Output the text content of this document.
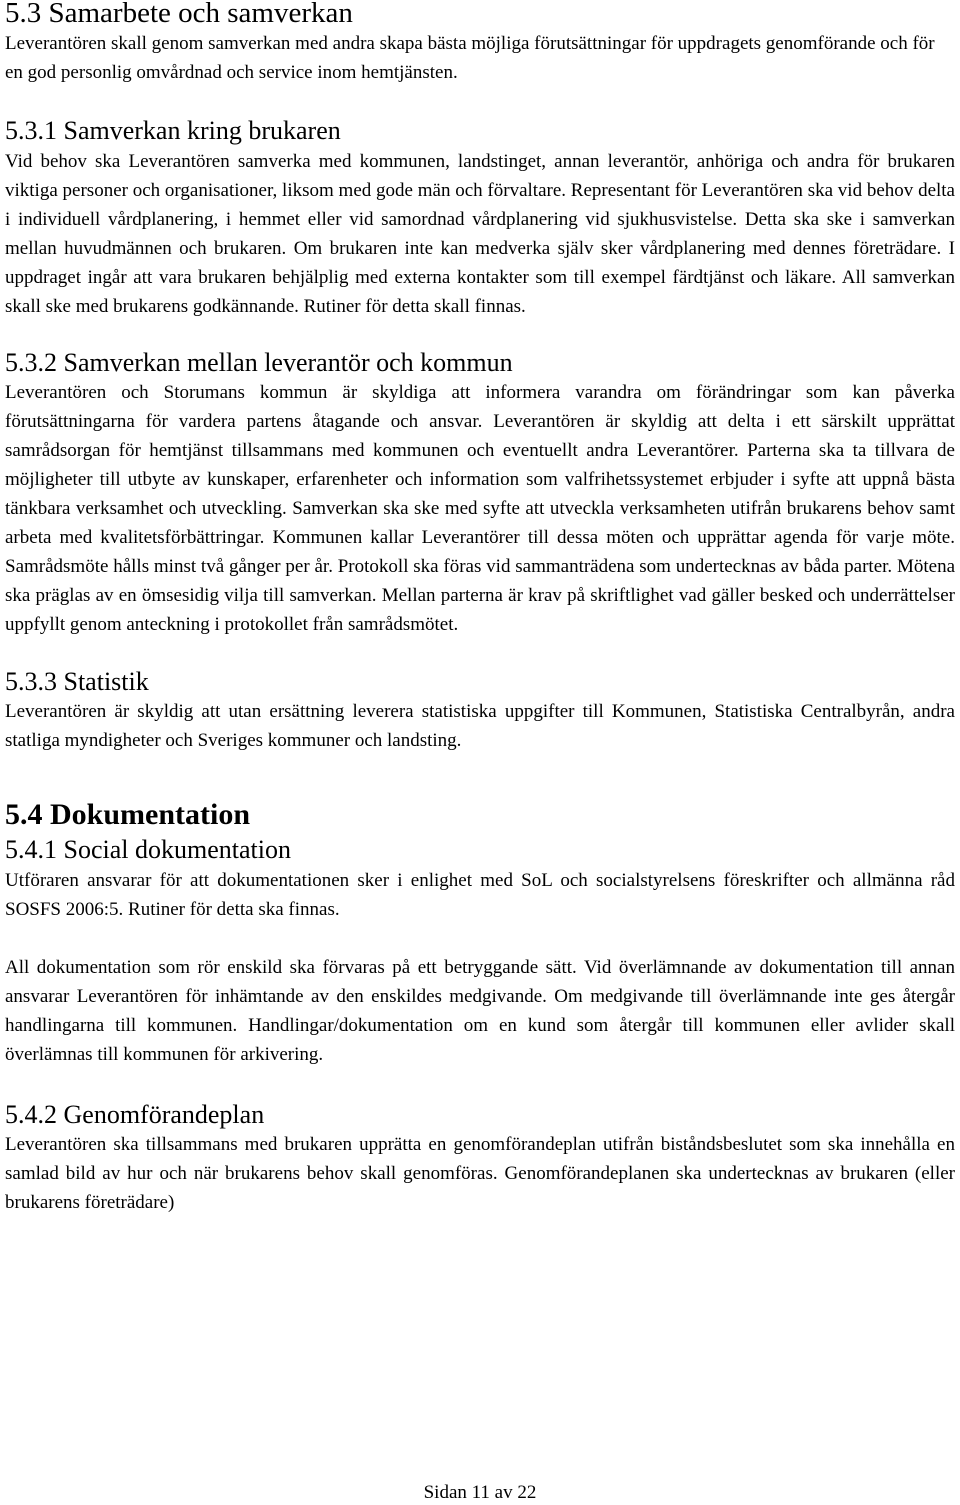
5.3 Samarbete och samverkan

Leverantören skall genom samverkan med andra skapa bästa möjliga förutsättningar för uppdragets genomförande och för en god personlig omvårdnad och service inom hemtjänsten.

5.3.1 Samverkan kring brukaren

Vid behov ska Leverantören samverka med kommunen, landstinget, annan leverantör, anhöriga och andra för brukaren viktiga personer och organisationer, liksom med gode män och förvaltare. Representant för Leverantören ska vid behov delta i individuell vårdplanering, i hemmet eller vid samordnad vårdplanering vid sjukhusvistelse. Detta ska ske i samverkan mellan huvudmännen och brukaren. Om brukaren inte kan medverka själv sker vårdplanering med dennes företrädare. I uppdraget ingår att vara brukaren behjälplig med externa kontakter som till exempel färdtjänst och läkare. All samverkan skall ske med brukarens godkännande. Rutiner för detta skall finnas.

5.3.2 Samverkan mellan leverantör och kommun

Leverantören och Storumans kommun är skyldiga att informera varandra om förändringar som kan påverka förutsättningarna för vardera partens åtagande och ansvar. Leverantören är skyldig att delta i ett särskilt upprättat samrådsorgan för hemtjänst tillsammans med kommunen och eventuellt andra Leverantörer. Parterna ska ta tillvara de möjligheter till utbyte av kunskaper, erfarenheter och information som valfrihetssystemet erbjuder i syfte att uppnå bästa tänkbara verksamhet och utveckling. Samverkan ska ske med syfte att utveckla verksamheten utifrån brukarens behov samt arbeta med kvalitetsförbättringar. Kommunen kallar Leverantörer till dessa möten och upprättar agenda för varje möte. Samrådsmöte hålls minst två gånger per år. Protokoll ska föras vid sammanträdena som undertecknas av båda parter. Mötena ska präglas av en ömsesidig vilja till samverkan. Mellan parterna är krav på skriftlighet vad gäller besked och underrättelser uppfyllt genom anteckning i protokollet från samrådsmötet.

5.3.3 Statistik

Leverantören är skyldig att utan ersättning leverera statistiska uppgifter till Kommunen, Statistiska Centralbyrån, andra statliga myndigheter och Sveriges kommuner och landsting.

5.4 Dokumentation
5.4.1 Social dokumentation

Utföraren ansvarar för att dokumentationen sker i enlighet med SoL och socialstyrelsens föreskrifter och allmänna råd SOSFS 2006:5. Rutiner för detta ska finnas.

All dokumentation som rör enskild ska förvaras på ett betryggande sätt. Vid överlämnande av dokumentation till annan ansvarar Leverantören för inhämtande av den enskildes medgivande. Om medgivande till överlämnande inte ges återgår handlingarna till kommunen. Handlingar/dokumentation om en kund som återgår till kommunen eller avlider skall överlämnas till kommunen för arkivering.

5.4.2 Genomförandeplan

Leverantören ska tillsammans med brukaren upprätta en genomförandeplan utifrån biståndsbeslutet som ska innehålla en samlad bild av hur och när brukarens behov skall genomföras. Genomförandeplanen ska undertecknas av brukaren (eller brukarens företrädare)

Sidan 11 av 22
